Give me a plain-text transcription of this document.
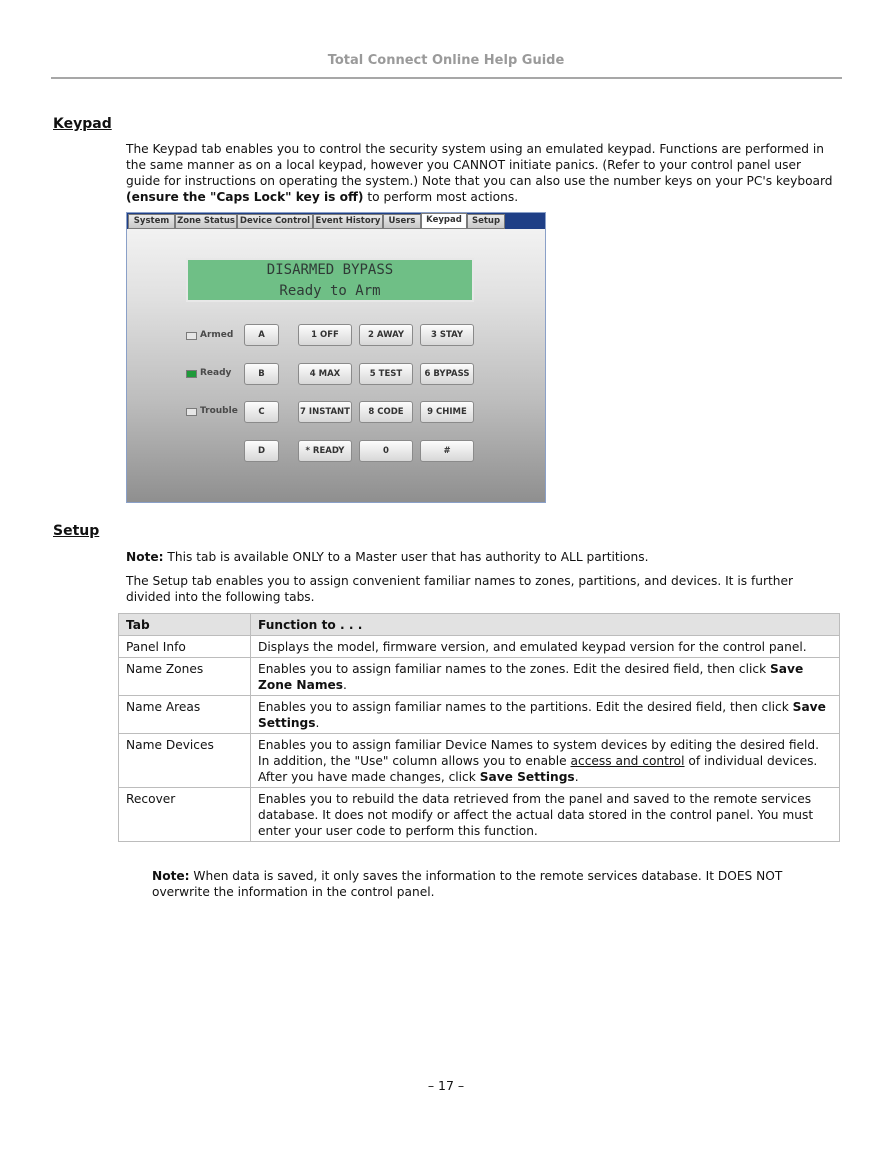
Total Connect Online Help Guide
Keypad
The Keypad tab enables you to control the security system using an emulated keypad. Functions are performed in the same manner as on a local keypad, however you CANNOT initiate panics. (Refer to your control panel user guide for instructions on operating the system.) Note that you can also use the number keys on your PC's keyboard (ensure the "Caps Lock" key is off) to perform most actions.
System Zone Status Device Control Event History Users	Keypad	Setup
DISARMED BYPASS
Ready to Arm
Armed
Ready
Trouble
A	1 OFF	2 AWAY	3 STAY
B	4 MAX	5 TEST	6 BYPASS
C	7 INSTANT	8 CODE	9 CHIME
D	* READY	0	#
Setup
Note: This tab is available ONLY to a Master user that has authority to ALL partitions.
The Setup tab enables you to assign convenient familiar names to zones, partitions, and devices. It is further divided into the following tabs.
Tab	Function to . . .
Panel Info	Displays the model, firmware version, and emulated keypad version for the control panel.
Name Zones	Enables you to assign familiar names to the zones. Edit the desired field, then click Save Zone Names.
Name Areas	Enables you to assign familiar names to the partitions. Edit the desired field, then click Save Settings.
Name Devices	Enables you to assign familiar Device Names to system devices by editing the desired field. In addition, the "Use" column allows you to enable access and control of individual devices. After you have made changes, click Save Settings.
Recover	Enables you to rebuild the data retrieved from the panel and saved to the remote services database. It does not modify or affect the actual data stored in the control panel. You must enter your user code to perform this function.
Note: When data is saved, it only saves the information to the remote services database. It DOES NOT overwrite the information in the control panel.
– 17 –
